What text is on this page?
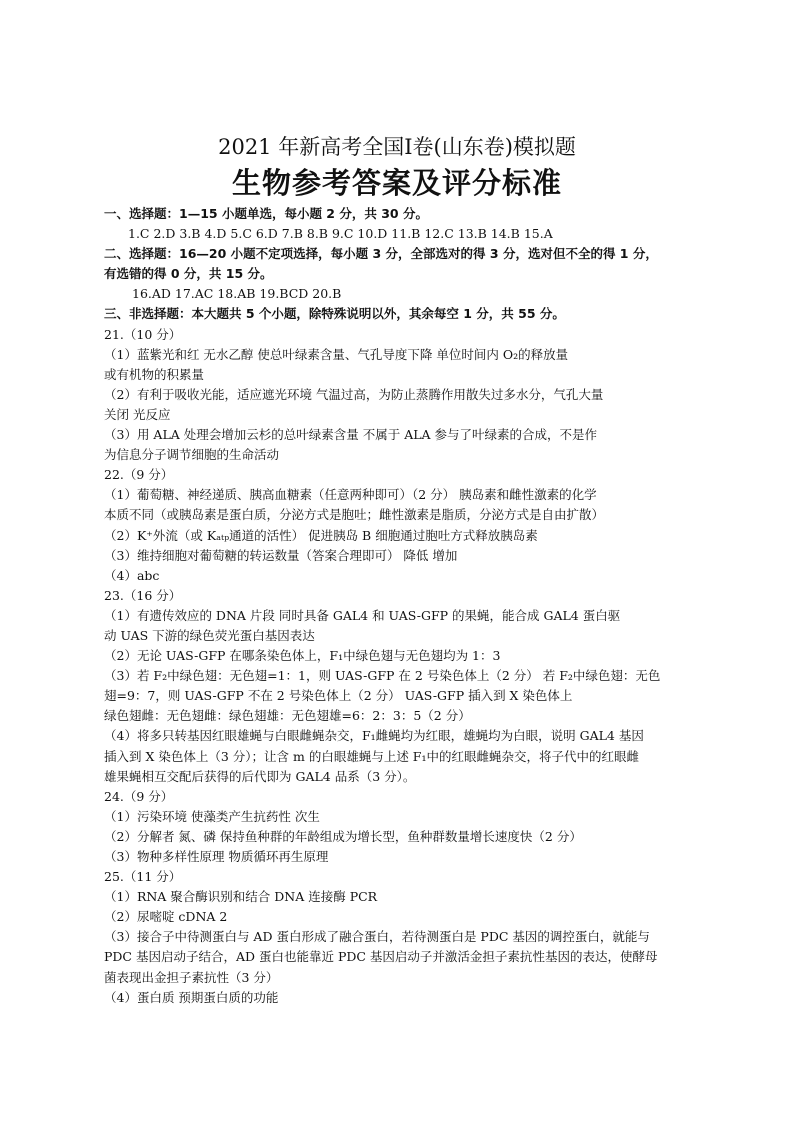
2021 年新高考全国Ⅰ卷(山东卷)模拟题
生物参考答案及评分标准
一、选择题：1—15 小题单选，每小题 2 分，共 30 分。
1.C 2.D 3.B 4.D 5.C 6.D 7.B 8.B 9.C 10.D 11.B 12.C 13.B 14.B 15.A
二、选择题：16—20 小题不定项选择，每小题 3 分，全部选对的得 3 分，选对但不全的得 1 分，
有选错的得 0 分，共 15 分。
16.AD 17.AC 18.AB 19.BCD 20.B
三、非选择题：本大题共 5 个小题，除特殊说明以外，其余每空 1 分，共 55 分。
21.（10 分）
（1）蓝紫光和红 无水乙醇 使总叶绿素含量、气孔导度下降 单位时间内 O₂的释放量
或有机物的积累量
（2）有利于吸收光能，适应遮光环境 气温过高，为防止蒸腾作用散失过多水分，气孔大量
关闭 光反应
（3）用 ALA 处理会增加云杉的总叶绿素含量 不属于 ALA 参与了叶绿素的合成，不是作
为信息分子调节细胞的生命活动
22.（9 分）
（1）葡萄糖、神经递质、胰高血糖素（任意两种即可）（2 分） 胰岛素和雌性激素的化学
本质不同（或胰岛素是蛋白质，分泌方式是胞吐；雌性激素是脂质，分泌方式是自由扩散）
（2）K⁺外流（或 Kₐₜₚ通道的活性） 促进胰岛 B 细胞通过胞吐方式释放胰岛素
（3）维持细胞对葡萄糖的转运数量（答案合理即可） 降低 增加
（4）abc
23.（16 分）
（1）有遗传效应的 DNA 片段 同时具备 GAL4 和 UAS-GFP 的果蝇，能合成 GAL4 蛋白驱
动 UAS 下游的绿色荧光蛋白基因表达
（2）无论 UAS-GFP 在哪条染色体上，F₁中绿色翅与无色翅均为 1：3
（3）若 F₂中绿色翅：无色翅=1：1，则 UAS-GFP 在 2 号染色体上（2 分） 若 F₂中绿色翅：无色
翅=9：7，则 UAS-GFP 不在 2 号染色体上（2 分） UAS-GFP 插入到 X 染色体上
绿色翅雌：无色翅雌：绿色翅雄：无色翅雄=6：2：3：5（2 分）
（4）将多只转基因红眼雄蝇与白眼雌蝇杂交，F₁雌蝇均为红眼，雄蝇均为白眼，说明 GAL4 基因
插入到 X 染色体上（3 分）；让含 m 的白眼雄蝇与上述 F₁中的红眼雌蝇杂交，将子代中的红眼雌
雄果蝇相互交配后获得的后代即为 GAL4 品系（3 分）。
24.（9 分）
（1）污染环境 使藻类产生抗药性 次生
（2）分解者 氮、磷 保持鱼种群的年龄组成为增长型，鱼种群数量增长速度快（2 分）
（3）物种多样性原理 物质循环再生原理
25.（11 分）
（1）RNA 聚合酶识别和结合 DNA 连接酶 PCR
（2）尿嘧啶 cDNA 2
（3）接合子中待测蛋白与 AD 蛋白形成了融合蛋白，若待测蛋白是 PDC 基因的调控蛋白，就能与
PDC 基因启动子结合，AD 蛋白也能靠近 PDC 基因启动子并激活金担子素抗性基因的表达，使酵母
菌表现出金担子素抗性（3 分）
（4）蛋白质 预期蛋白质的功能
